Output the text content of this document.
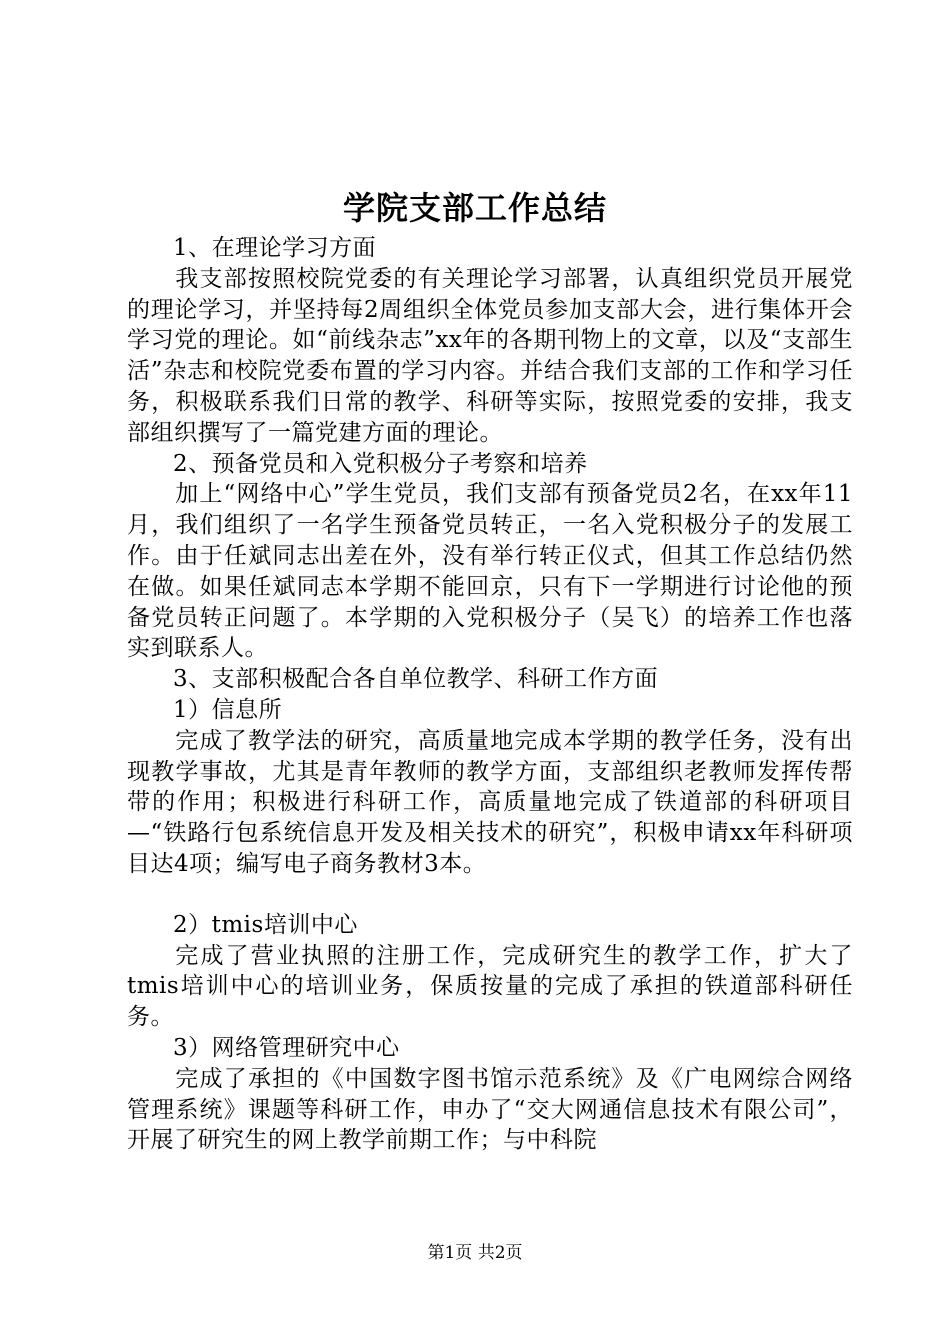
学院支部工作总结

1、在理论学习方面

我支部按照校院党委的有关理论学习部署，认真组织党员开展党的理论学习，并坚持每2周组织全体党员参加支部大会，进行集体开会学习党的理论。如“前线杂志”xx年的各期刊物上的文章，以及“支部生活”杂志和校院党委布置的学习内容。并结合我们支部的工作和学习任务，积极联系我们日常的教学、科研等实际，按照党委的安排，我支部组织撰写了一篇党建方面的理论。

2、预备党员和入党积极分子考察和培养

加上“网络中心”学生党员，我们支部有预备党员2名，在xx年11月，我们组织了一名学生预备党员转正，一名入党积极分子的发展工作。由于任斌同志出差在外，没有举行转正仪式，但其工作总结仍然在做。如果任斌同志本学期不能回京，只有下一学期进行讨论他的预备党员转正问题了。本学期的入党积极分子（吴飞）的培养工作也落实到联系人。

3、支部积极配合各自单位教学、科研工作方面

1）信息所

完成了教学法的研究，高质量地完成本学期的教学任务，没有出现教学事故，尤其是青年教师的教学方面，支部组织老教师发挥传帮带的作用；积极进行科研工作，高质量地完成了铁道部的科研项目—“铁路行包系统信息开发及相关技术的研究”，积极申请xx年科研项目达4项；编写电子商务教材3本。

2）tmis培训中心

完成了营业执照的注册工作，完成研究生的教学工作，扩大了tmis培训中心的培训业务，保质按量的完成了承担的铁道部科研任务。

3）网络管理研究中心

完成了承担的《中国数字图书馆示范系统》及《广电网综合网络管理系统》课题等科研工作，申办了“交大网通信息技术有限公司”，开展了研究生的网上教学前期工作；与中科院

第1页 共2页
